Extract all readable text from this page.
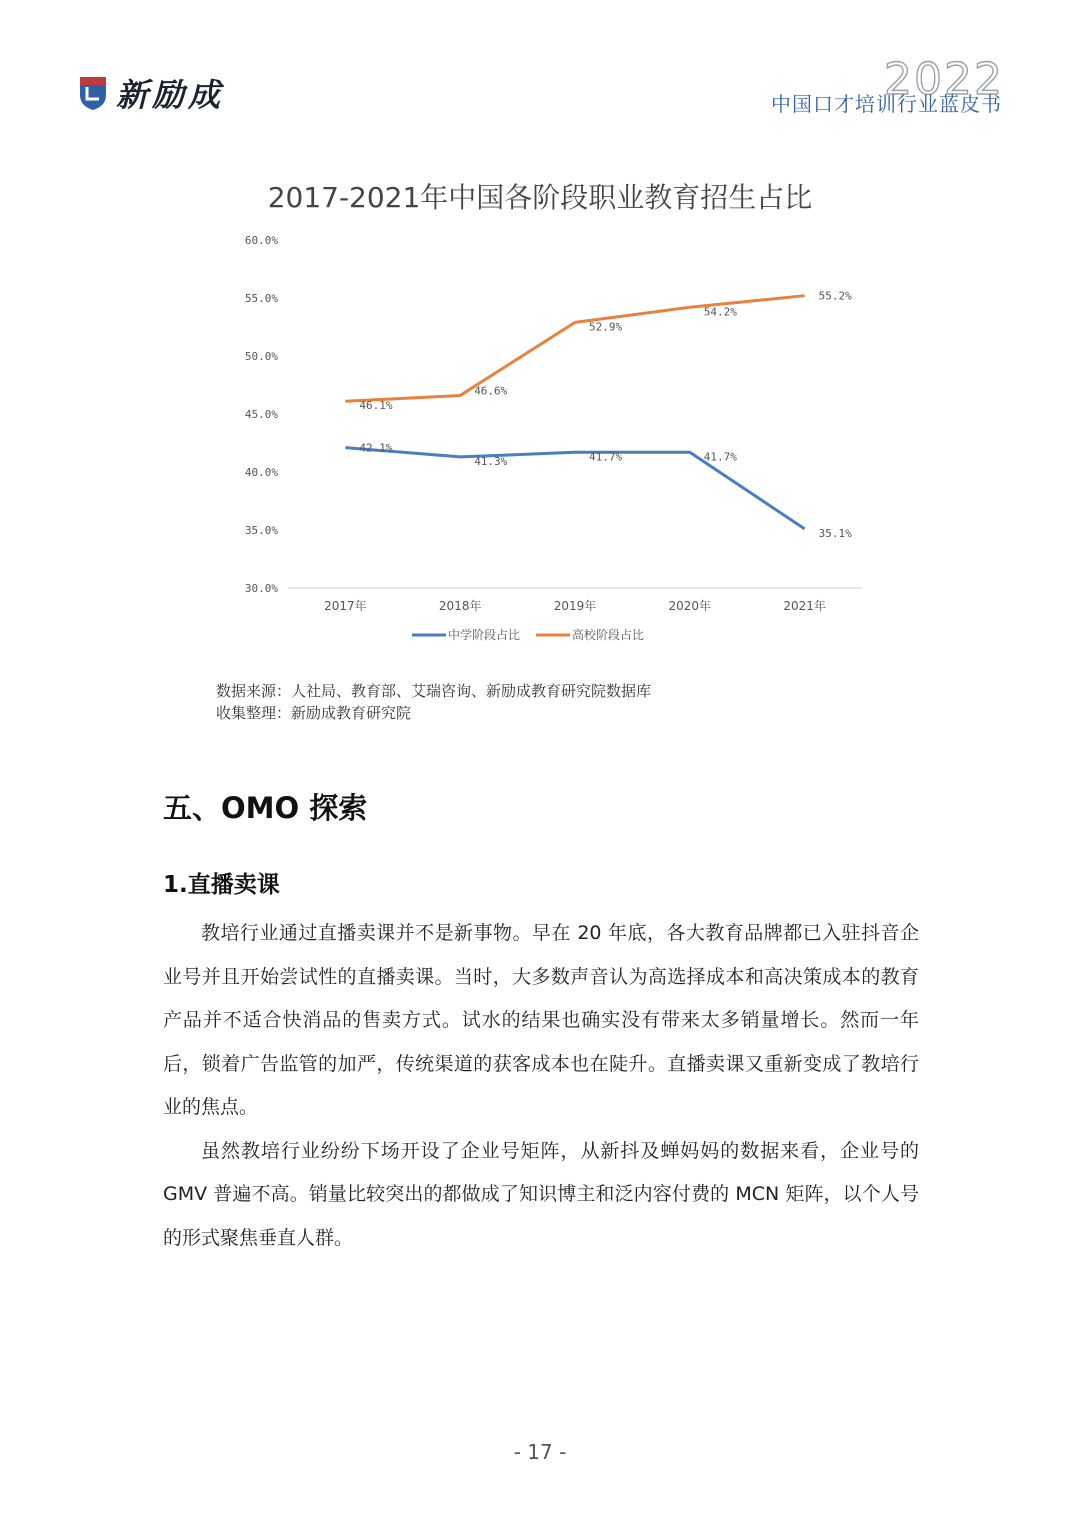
新励成	2022
中国口才培训行业蓝皮书
2017-2021年中国各阶段职业教育招生占比
60.0%
55.0%
50.0%
45.0%
40.0%
35.0%
30.0%
2017年	2018年	2019年	2020年	2021年
42.1%
41.3%	41.7%	41.7%
35.1%
46.1%
46.6%
52.9%
54.2%
55.2%
中学阶段占比	高校阶段占比
数据来源：人社局、教育部、艾瑞咨询、新励成教育研究院数据库
收集整理：新励成教育研究院
五、OMO 探索
1.直播卖课

教培行业通过直播卖课并不是新事物。早在 20 年底，各大教育品牌都已入驻抖音企业号并且开始尝试性的直播卖课。当时，大多数声音认为高选择成本和高决策成本的教育产品并不适合快消品的售卖方式。试水的结果也确实没有带来太多销量增长。然而一年后，锁着广告监管的加严，传统渠道的获客成本也在陡升。直播卖课又重新变成了教培行业的焦点。

虽然教培行业纷纷下场开设了企业号矩阵，从新抖及蝉妈妈的数据来看，企业号的 GMV 普遍不高。销量比较突出的都做成了知识博主和泛内容付费的 MCN 矩阵，以个人号的形式聚焦垂直人群。

- 17 -
